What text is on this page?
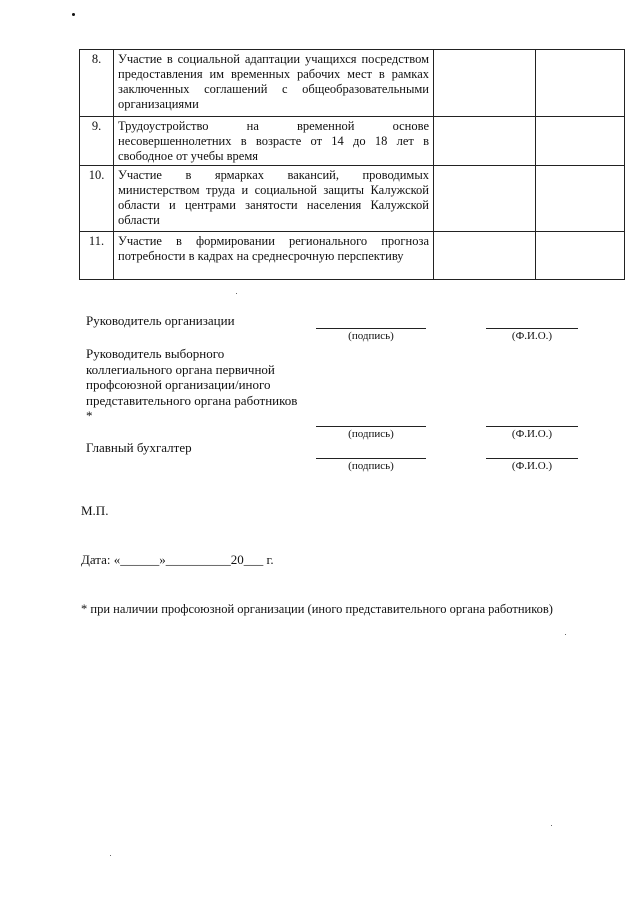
8.	Участие в социальной адаптации учащихся посредством предоставления им временных рабочих мест в рамках заключенных соглашений с общеобразовательными организациями		
9.	Трудоустройство на временной основе несовершеннолетних в возрасте от 14 до 18 лет в свободное от учебы время		
10.	Участие в ярмарках вакансий, проводимых министерством труда и социальной защиты Калужской области и центрами занятости населения Калужской области		
11.	Участие в формировании регионального прогноза потребности в кадрах на среднесрочную перспективу		
Руководитель организации
(подпись)	(Ф.И.О.)
Руководитель выборного коллегиального органа первичной профсоюзной организации/иного представительного органа работников *
(подпись)	(Ф.И.О.)
Главный бухгалтер
(подпись)	(Ф.И.О.)
М.П.
Дата: «______»__________20___ г.
* при наличии профсоюзной организации (иного представительного органа работников)
